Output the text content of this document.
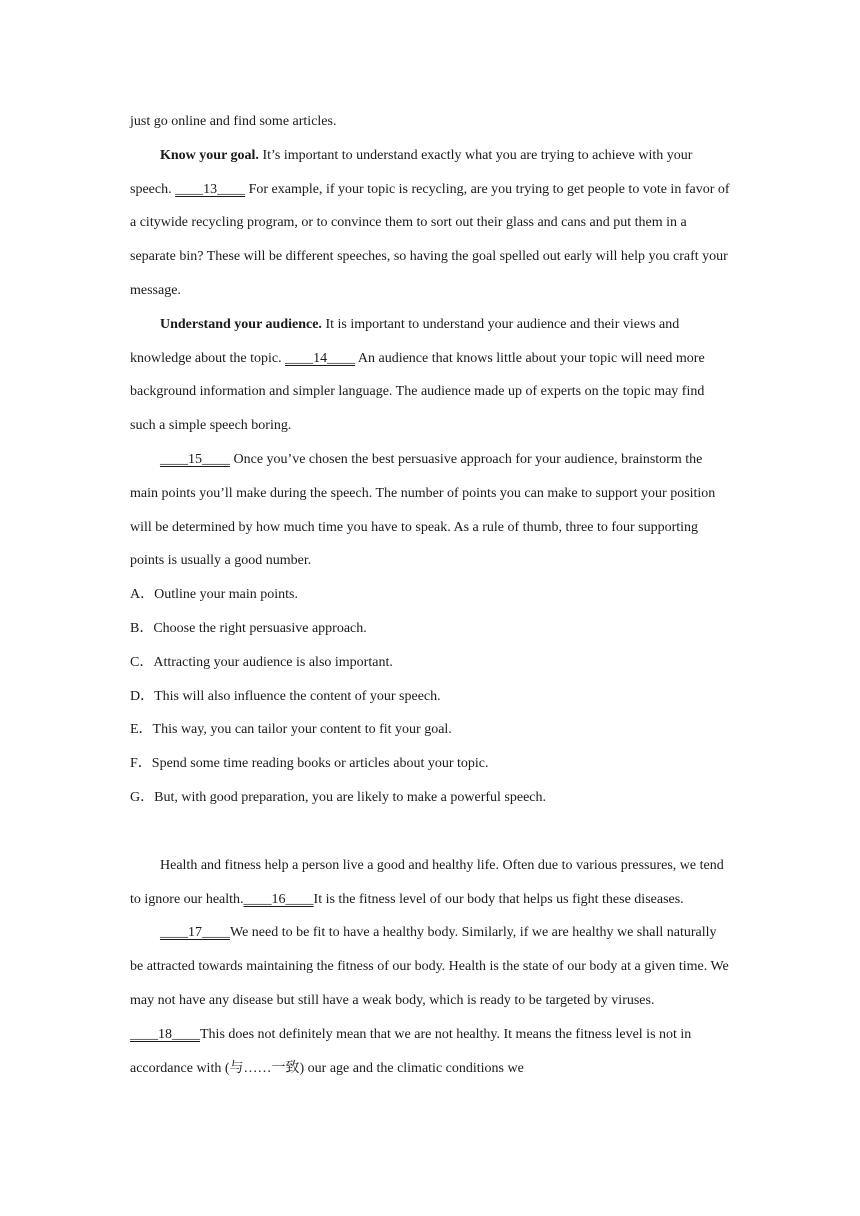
just go online and find some articles.

Know your goal. It’s important to understand exactly what you are trying to achieve with your speech. ____13____ For example, if your topic is recycling, are you trying to get people to vote in favor of a citywide recycling program, or to convince them to sort out their glass and cans and put them in a separate bin? These will be different speeches, so having the goal spelled out early will help you craft your message.

Understand your audience. It is important to understand your audience and their views and knowledge about the topic. ____14____ An audience that knows little about your topic will need more background information and simpler language. The audience made up of experts on the topic may find such a simple speech boring.

____15____ Once you’ve chosen the best persuasive approach for your audience, brainstorm the main points you’ll make during the speech. The number of points you can make to support your position will be determined by how much time you have to speak. As a rule of thumb, three to four supporting points is usually a good number.

A．Outline your main points.

B．Choose the right persuasive approach.

C．Attracting your audience is also important.

D．This will also influence the content of your speech.

E．This way, you can tailor your content to fit your goal.

F．Spend some time reading books or articles about your topic.

G．But, with good preparation, you are likely to make a powerful speech.

Health and fitness help a person live a good and healthy life. Often due to various pressures, we tend to ignore our health.____16____It is the fitness level of our body that helps us fight these diseases.

____17____We need to be fit to have a healthy body. Similarly, if we are healthy we shall naturally be attracted towards maintaining the fitness of our body. Health is the state of our body at a given time. We may not have any disease but still have a weak body, which is ready to be targeted by viruses. ____18____This does not definitely mean that we are not healthy. It means the fitness level is not in accordance with (与……一致) our age and the climatic conditions we
